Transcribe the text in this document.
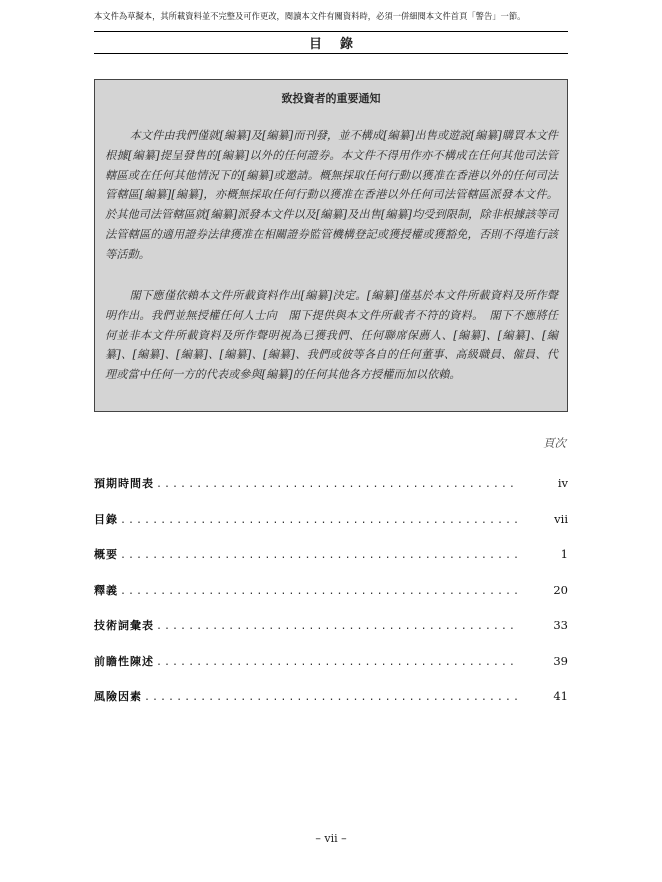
本文件為草擬本，其所載資料並不完整及可作更改，閱讀本文件有關資料時，必須一併細閱本文件首頁「警告」一節。
目錄
致投資者的重要通知

本文件由我們僅就[編纂]及[編纂]而刊發，並不構成[編纂]出售或遊說[編纂]購買本文件根據[編纂]提呈發售的[編纂]以外的任何證券。本文件不得用作亦不構成在任何其他司法管轄區或在任何其他情況下的[編纂]或邀請。概無採取任何行動以獲准在香港以外的任何司法管轄區[編纂][編纂]，亦概無採取任何行動以獲准在香港以外任何司法管轄區派發本文件。於其他司法管轄區就[編纂]派發本文件以及[編纂]及出售[編纂]均受到限制，除非根據該等司法管轄區的適用證券法律獲准在相關證券監管機構登記或獲授權或獲豁免，否則不得進行該等活動。

閣下應僅依賴本文件所載資料作出[編纂]決定。[編纂]僅基於本文件所載資料及所作聲明作出。我們並無授權任何人士向　閣下提供與本文件所載者不符的資料。　閣下不應將任何並非本文件所載資料及所作聲明視為已獲我們、任何聯席保薦人、[編纂]、[編纂]、[編纂]、[編纂]、[編纂]、[編纂]、[編纂]、我們或彼等各自的任何董事、高級職員、僱員、代理或當中任何一方的代表或參與[編纂]的任何其他各方授權而加以依賴。

頁次
預期時間表 .....	iv
目錄 .....	vii
概要 .....	1
釋義 .....	20
技術詞彙表 .....	33
前瞻性陳述 .....	39
風險因素 .....	41
– vii –
